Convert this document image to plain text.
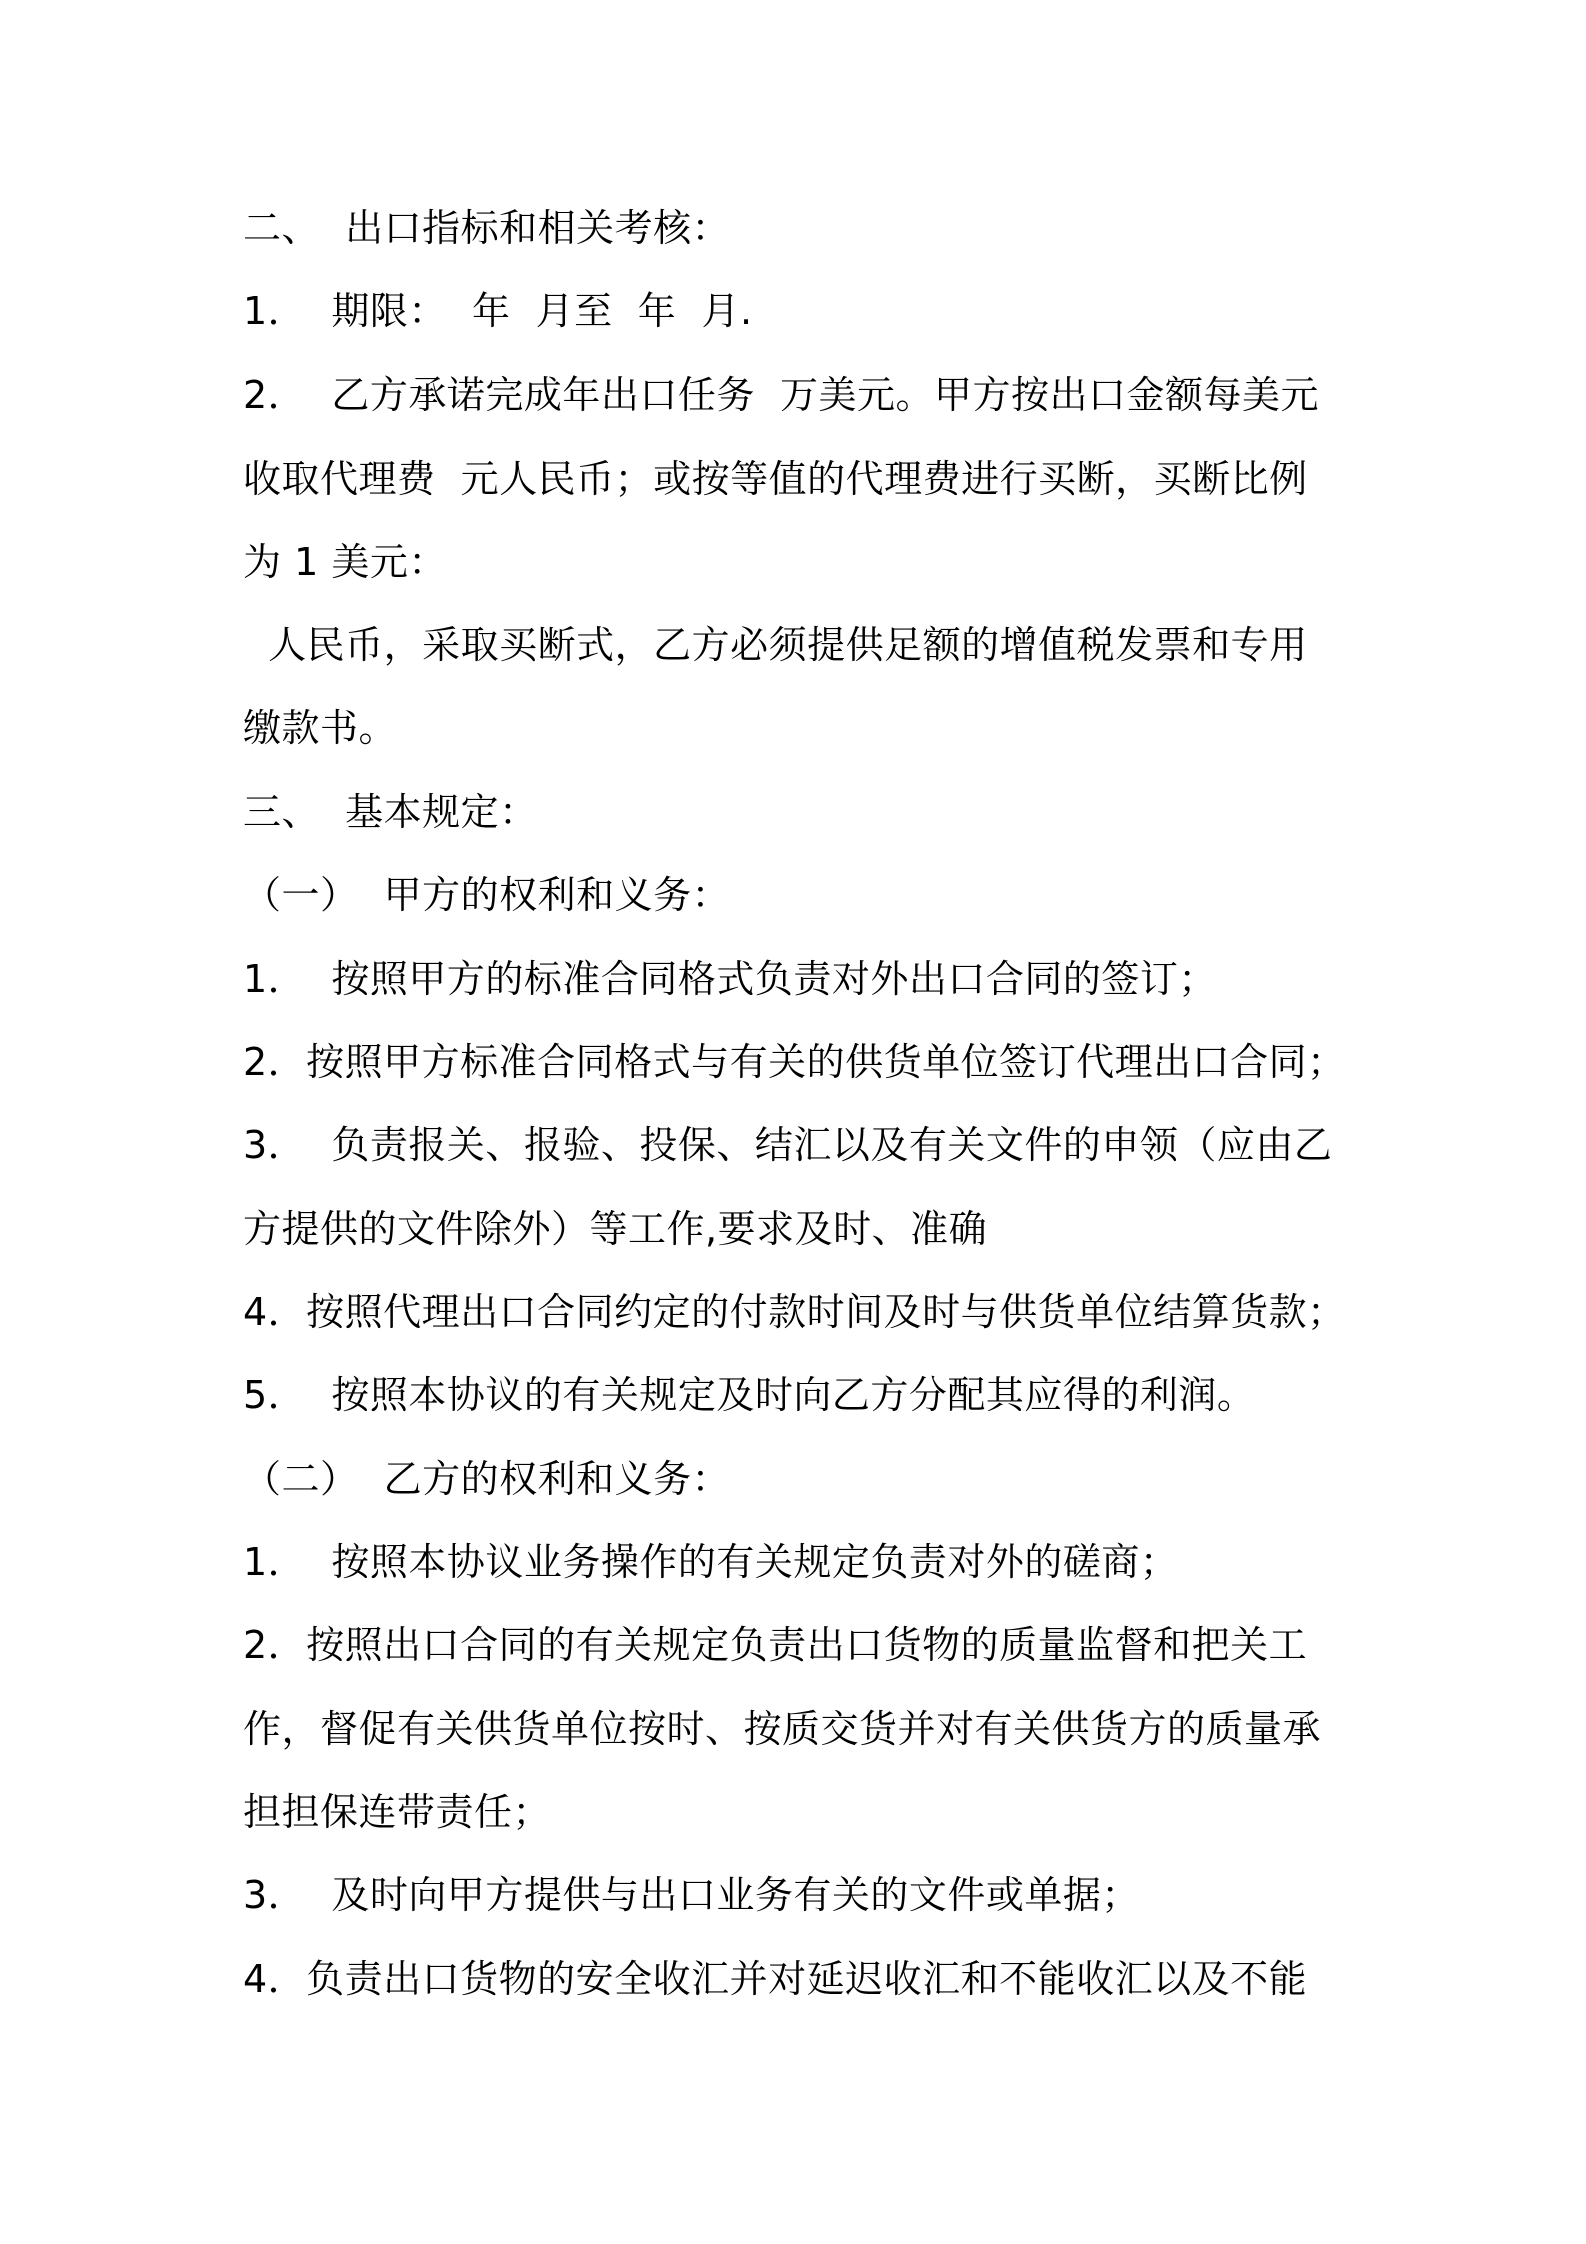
二、  出口指标和相关考核：
1．  期限：  年  月至  年  月.
2．  乙方承诺完成年出口任务  万美元。甲方按出口金额每美元
收取代理费  元人民币；或按等值的代理费进行买断，买断比例
为 1 美元：
人民币，采取买断式，乙方必须提供足额的增值税发票和专用
缴款书。
三、  基本规定：
（一）  甲方的权利和义务：
1．  按照甲方的标准合同格式负责对外出口合同的签订；
2．按照甲方标准合同格式与有关的供货单位签订代理出口合同；
3．  负责报关、报验、投保、结汇以及有关文件的申领（应由乙
方提供的文件除外）等工作,要求及时、准确
4．按照代理出口合同约定的付款时间及时与供货单位结算货款；
5．  按照本协议的有关规定及时向乙方分配其应得的利润。
（二）  乙方的权利和义务：
1．  按照本协议业务操作的有关规定负责对外的磋商；
2．按照出口合同的有关规定负责出口货物的质量监督和把关工
作，督促有关供货单位按时、按质交货并对有关供货方的质量承
担担保连带责任；
3．  及时向甲方提供与出口业务有关的文件或单据；
4．负责出口货物的安全收汇并对延迟收汇和不能收汇以及不能
